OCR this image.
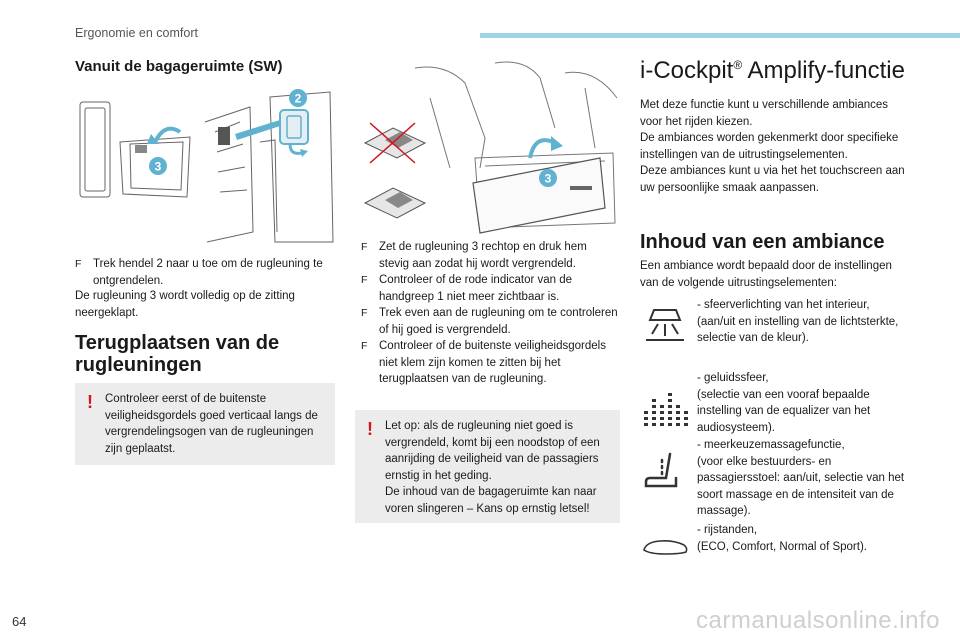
Ergonomie en comfort
Vanuit de bagageruimte (SW)
2
3
F Trek hendel 2 naar u toe om de rugleuning te ontgrendelen.
De rugleuning 3 wordt volledig op de zitting neergeklapt.
Terugplaatsen van de
rugleuningen
! Controleer eerst of de buitenste veiligheidsgordels goed verticaal langs de vergrendelingsogen van de rugleuningen zijn geplaatst.
3
F Zet de rugleuning 3 rechtop en druk hem stevig aan zodat hij wordt vergrendeld.
F Controleer of de rode indicator van de handgreep 1 niet meer zichtbaar is.
F Trek even aan de rugleuning om te controleren of hij goed is vergrendeld.
F Controleer of de buitenste veiligheidsgordels niet klem zijn komen te zitten bij het terugplaatsen van de rugleuning.
! Let op: als de rugleuning niet goed is vergrendeld, komt bij een noodstop of een aanrijding de veiligheid van de passagiers ernstig in het geding.
De inhoud van de bagageruimte kan naar voren slingeren – Kans op ernstig letsel!
i-Cockpit® Amplify-functie
Met deze functie kunt u verschillende ambiances voor het rijden kiezen.
De ambiances worden gekenmerkt door specifieke instellingen van de uitrustingselementen.
Deze ambiances kunt u via het het touchscreen aan uw persoonlijke smaak aanpassen.
Inhoud van een ambiance
Een ambiance wordt bepaald door de instellingen van de volgende uitrustingselementen:
- sfeerverlichting van het interieur,
(aan/uit en instelling van de lichtsterkte, selectie van de kleur).
- geluidssfeer,
(selectie van een vooraf bepaalde instelling van de equalizer van het audiosysteem).
- meerkeuzemassagefunctie,
(voor elke bestuurders- en passagiersstoel: aan/uit, selectie van het soort massage en de intensiteit van de massage).
- rijstanden,
(ECO, Comfort, Normal of Sport).
64	carmanualsonline.info
